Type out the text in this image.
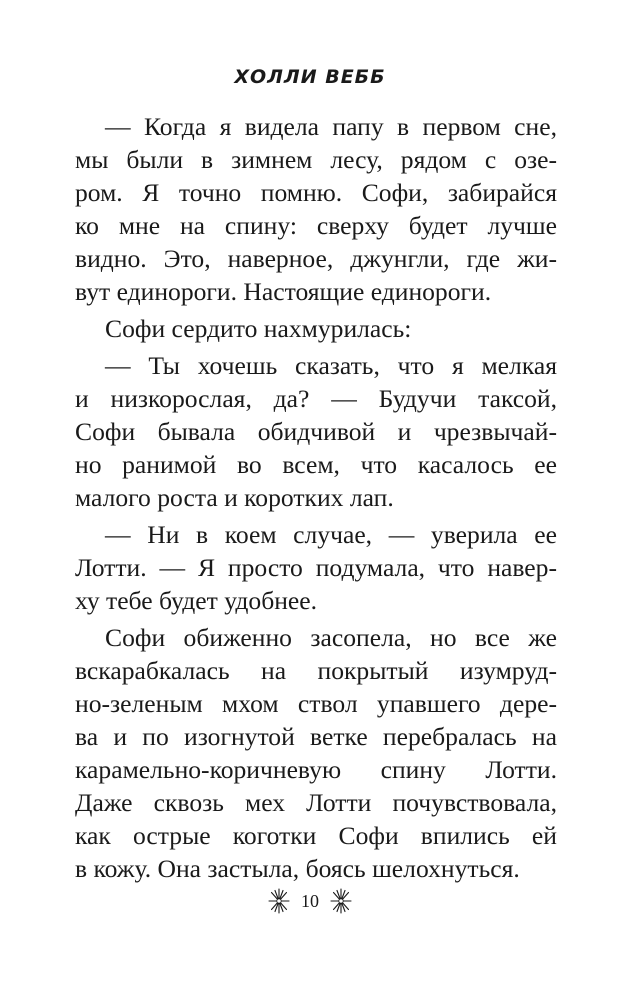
ХОЛЛИ ВЕББ

— Когда я видела папу в первом сне,
мы были в зимнем лесу, рядом с озе-
ром. Я точно помню. Софи, забирайся
ко мне на спину: сверху будет лучше
видно. Это, наверное, джунгли, где жи-
вут единороги. Настоящие единороги.

Софи сердито нахмурилась:

— Ты хочешь сказать, что я мелкая
и низкорослая, да? — Будучи таксой,
Софи бывала обидчивой и чрезвычай-
но ранимой во всем, что касалось ее
малого роста и коротких лап.

— Ни в коем случае, — уверила ее
Лотти. — Я просто подумала, что навер-
ху тебе будет удобнее.

Софи обиженно засопела, но все же
вскарабкалась на покрытый изумруд-
но-зеленым мхом ствол упавшего дере-
ва и по изогнутой ветке перебралась на
карамельно-коричневую спину Лотти.
Даже сквозь мех Лотти почувствовала,
как острые коготки Софи впились ей
в кожу. Она застыла, боясь шелохнуться.

10
